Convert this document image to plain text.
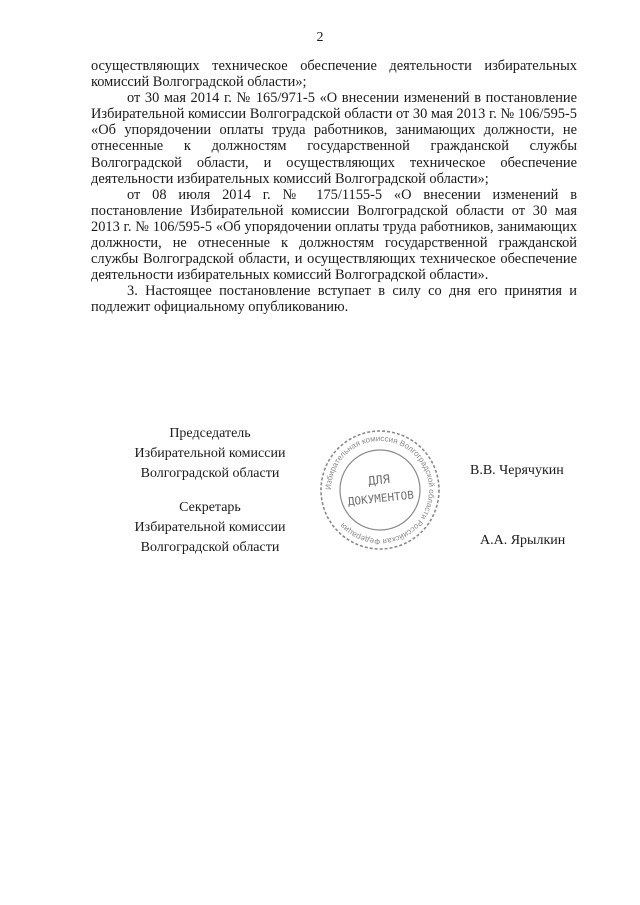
2

осуществляющих техническое обеспечение деятельности избирательных комиссий Волгоградской области»;

от 30 мая 2014 г. № 165/971-5 «О внесении изменений в постановление Избирательной комиссии Волгоградской области от 30 мая 2013 г. № 106/595-5 «Об упорядочении оплаты труда работников, занимающих должности, не отнесенные к должностям государственной гражданской службы Волгоградской области, и осуществляющих техническое обеспечение деятельности избирательных комиссий Волгоградской области»;

от 08 июля 2014 г. № 175/1155-5 «О внесении изменений в постановление Избирательной комиссии Волгоградской области от 30 мая 2013 г. № 106/595-5 «Об упорядочении оплаты труда работников, занимающих должности, не отнесенные к должностям государственной гражданской службы Волгоградской области, и осуществляющих техническое обеспечение деятельности избирательных комиссий Волгоградской области».

3. Настоящее постановление вступает в силу со дня его принятия и подлежит официальному опубликованию.

Председатель
Избирательной комиссии
Волгоградской области	В.В. Черячукин
Секретарь
Избирательной комиссии
Волгоградской области	А.А. Ярылкин
Избирательная комиссия Волгоградской области Российская Федерация
ДЛЯ
ДОКУМЕНТОВ
